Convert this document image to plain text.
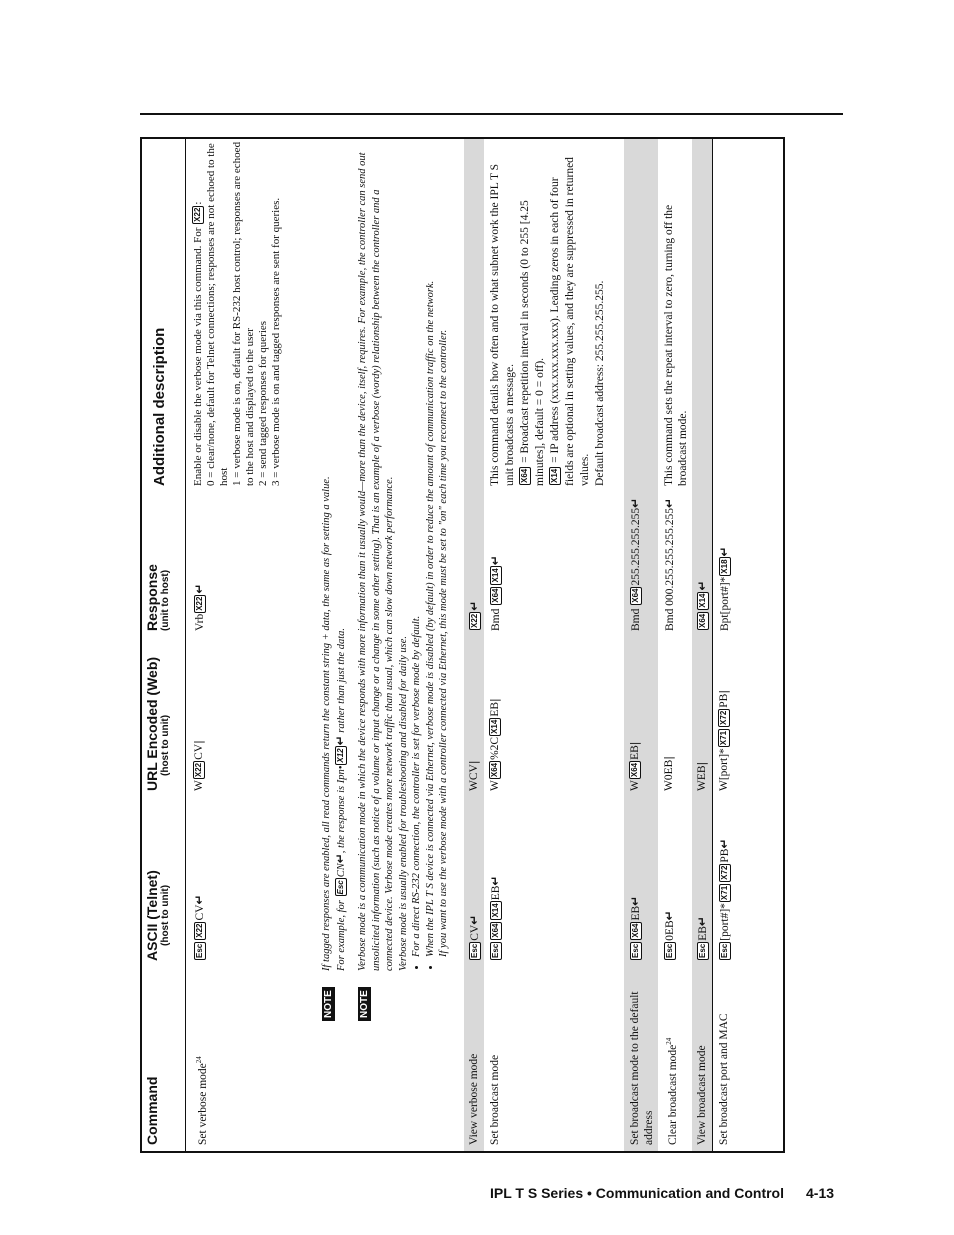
Command
ASCII (Telnet) (host to unit)
URL Encoded (Web) (host to unit)
Response (unit to host)
Additional description
Set verbose mode$^{24}$
EscX22CV↵
WX22CV|
VrbX22↵
Enable or disable the verbose mode via this command. For X22: 0 = clear/none, default for Telnet connections; responses are not echoed to the host 1 = verbose mode is on, default for RS-232 host control; responses are echoed to the host and displayed to the user 2 = send tagged responses for queries 3 = verbose mode is on and tagged responses are sent for queries.
NOTE
If tagged responses are enabled, all read commands return the constant string + data, the same as for setting a value. For example, for EscCN↵, the response is Ipn•X12↵ rather than just the data.
NOTE
Verbose mode is a communication mode in which the device responds with more information than it usually would—more than the device, itself, requires. For example, the controller can send out unsolicited information (such as notice of a volume or input change or a change in some other setting). That is an example of a verbose (wordy) relationship between the controller and a connected device. Verbose mode creates more network traffic than usual, which can slow down network performance. Verbose mode is usually enabled for troubleshooting and disabled for daily use. • For a direct RS-232 connection, the controller is set for verbose mode by default. • When the IPL T S device is connected via Ethernet, verbose mode is disabled (by default) in order to reduce the amount of communication traffic on the network. If you want to use the verbose mode with a controller connected via Ethernet, this mode must be set to "on" each time you reconnect to the controller.
View verbose mode
EscCV↵
WCV|
X22↵
Set broadcast mode
EscX64X14EB↵
WX64%2CX14EB|
Bmd X64X14↵
This command details how often and to what subnet work the IPL T S unit broadcasts a message. X64 = Broadcast repetition interval in seconds (0 to 255 [4.25 minutes], default = 0 = off). X14 = IP address (xxx.xxx.xxx.xxx). Leading zeros in each of four fields are optional in setting values, and they are suppressed in returned values. Default broadcast address: 255.255.255.255.
Set broadcast mode to the default address
EscX64EB↵
WX64EB|
Bmd X64255.255.255.255↵
Clear broadcast mode$^{24}$
Esc0EB↵
W0EB|
Bmd 000.255.255.255.255↵
This command sets the repeat interval to zero, turning off the broadcast mode.
View broadcast mode
EscEB↵
WEB|
X64X14↵
Set broadcast port and MAC
Esc[port#]*X71X72PB↵
W[port]*X71X72PB|
Bpt[port#]*X18↵
IPL T S Series • Communication and Control 4-13
